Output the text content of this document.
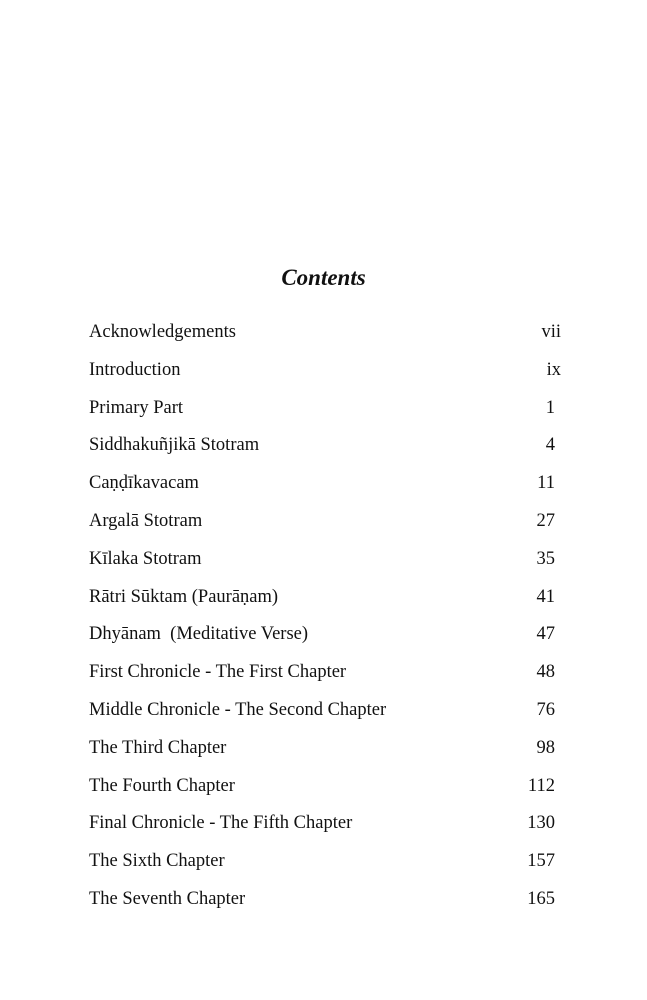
Contents
Acknowledgements	vii
Introduction	ix
Primary Part	1
Siddhakuñjikā Stotram	4
Caṇḍīkavacam	11
Argalā Stotram	27
Kīlaka Stotram	35
Rātri Sūktam (Paurāṇam)	41
Dhyānam  (Meditative Verse)	47
First Chronicle - The First Chapter	48
Middle Chronicle - The Second Chapter	76
The Third Chapter	98
The Fourth Chapter	112
Final Chronicle - The Fifth Chapter	130
The Sixth Chapter	157
The Seventh Chapter	165
